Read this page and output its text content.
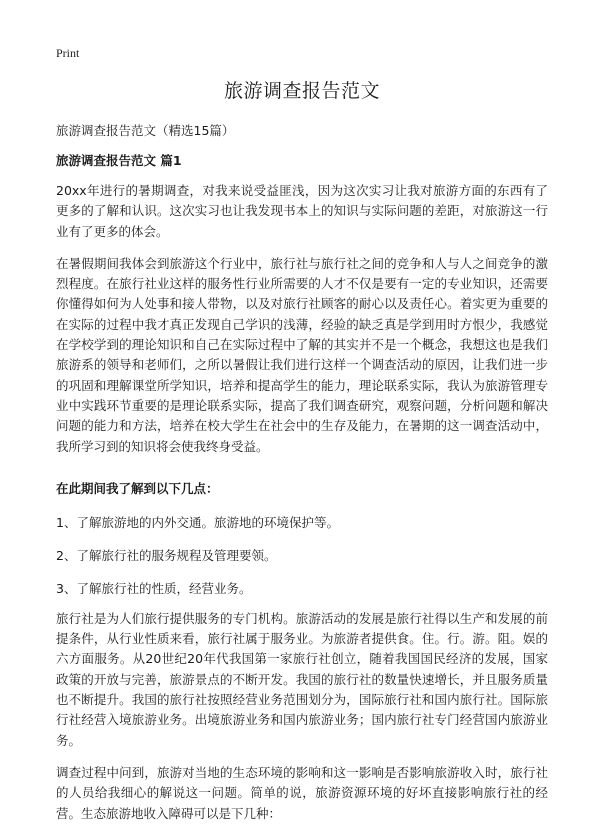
Print
旅游调查报告范文
旅游调查报告范文（精选15篇）
旅游调查报告范文 篇1

20xx年进行的暑期调查，对我来说受益匪浅，因为这次实习让我对旅游方面的东西有了更多的了解和认识。这次实习也让我发现书本上的知识与实际问题的差距，对旅游这一行业有了更多的体会。

在暑假期间我体会到旅游这个行业中，旅行社与旅行社之间的竞争和人与人之间竞争的激烈程度。在旅行社业这样的服务性行业所需要的人才不仅是要有一定的专业知识，还需要你懂得如何为人处事和接人带物，以及对旅行社顾客的耐心以及责任心。着实更为重要的在实际的过程中我才真正发现自己学识的浅薄，经验的缺乏真是学到用时方恨少，我感觉在学校学到的理论知识和自己在实际过程中了解的其实并不是一个概念，我想这也是我们旅游系的领导和老师们，之所以暑假让我们进行这样一个调查活动的原因，让我们进一步的巩固和理解课堂所学知识，培养和提高学生的能力，理论联系实际，我认为旅游管理专业中实践环节重要的是理论联系实际，提高了我们调查研究，观察问题，分析问题和解决问题的能力和方法，培养在校大学生在社会中的生存及能力，在暑期的这一调查活动中，我所学习到的知识将会使我终身受益。

在此期间我了解到以下几点：
1、了解旅游地的内外交通。旅游地的环境保护等。
2、了解旅行社的服务规程及管理要领。
3、了解旅行社的性质，经营业务。

旅行社是为人们旅行提供服务的专门机构。旅游活动的发展是旅行社得以生产和发展的前提条件，从行业性质来看，旅行社属于服务业。为旅游者提供食。住。行。游。阻。娱的六方面服务。从20世纪20年代我国第一家旅行社创立，随着我国国民经济的发展，国家政策的开放与完善，旅游景点的不断开发。我国的旅行社的数量快速增长，并且服务质量也不断提升。我国的旅行社按照经营业务范围划分为，国际旅行社和国内旅行社。国际旅行社经营入境旅游业务。出境旅游业务和国内旅游业务；国内旅行社专门经营国内旅游业务。

调查过程中问到，旅游对当地的生态环境的影响和这一影响是否影响旅游收入时，旅行社的人员给我细心的解说这一问题。简单的说，旅游资源环境的好坏直接影响旅行社的经营。生态旅游地收入障碍可以是下几种：
